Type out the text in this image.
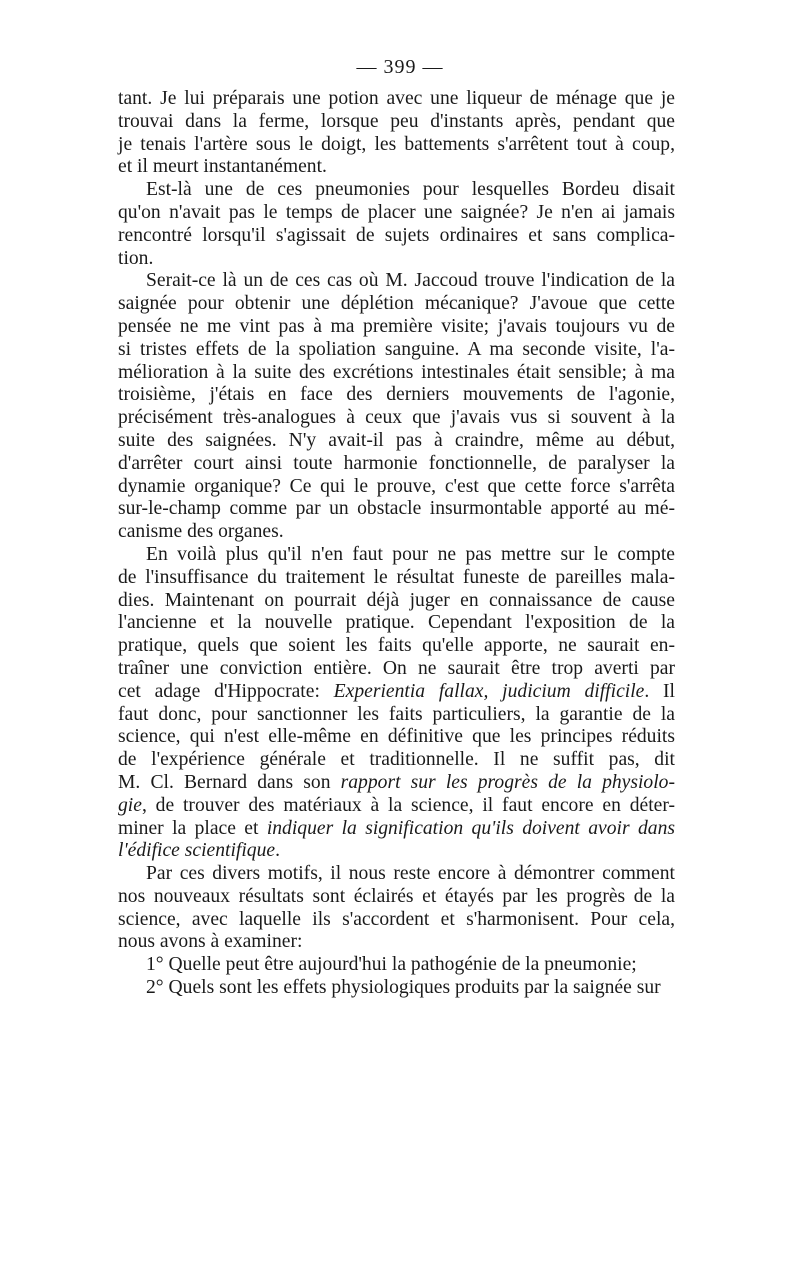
— 399 —
tant. Je lui préparais une potion avec une liqueur de ménage que je
trouvai dans la ferme, lorsque peu d'instants après, pendant que
je tenais l'artère sous le doigt, les battements s'arrêtent tout à coup,
et il meurt instantanément.
Est-là une de ces pneumonies pour lesquelles Bordeu disait
qu'on n'avait pas le temps de placer une saignée? Je n'en ai jamais
rencontré lorsqu'il s'agissait de sujets ordinaires et sans complica-
tion.
Serait-ce là un de ces cas où M. Jaccoud trouve l'indication de la
saignée pour obtenir une déplétion mécanique? J'avoue que cette
pensée ne me vint pas à ma première visite; j'avais toujours vu de
si tristes effets de la spoliation sanguine. A ma seconde visite, l'a-
mélioration à la suite des excrétions intestinales était sensible; à ma
troisième, j'étais en face des derniers mouvements de l'agonie,
précisément très-analogues à ceux que j'avais vus si souvent à la
suite des saignées. N'y avait-il pas à craindre, même au début,
d'arrêter court ainsi toute harmonie fonctionnelle, de paralyser la
dynamie organique? Ce qui le prouve, c'est que cette force s'arrêta
sur-le-champ comme par un obstacle insurmontable apporté au mé-
canisme des organes.
En voilà plus qu'il n'en faut pour ne pas mettre sur le compte
de l'insuffisance du traitement le résultat funeste de pareilles mala-
dies. Maintenant on pourrait déjà juger en connaissance de cause
l'ancienne et la nouvelle pratique. Cependant l'exposition de la
pratique, quels que soient les faits qu'elle apporte, ne saurait en-
traîner une conviction entière. On ne saurait être trop averti par
cet adage d'Hippocrate: Experientia fallax, judicium difficile. Il
faut donc, pour sanctionner les faits particuliers, la garantie de la
science, qui n'est elle-même en définitive que les principes réduits
de l'expérience générale et traditionnelle. Il ne suffit pas, dit
M. Cl. Bernard dans son rapport sur les progrès de la physiolo-
gie, de trouver des matériaux à la science, il faut encore en déter-
miner la place et indiquer la signification qu'ils doivent avoir dans
l'édifice scientifique.
Par ces divers motifs, il nous reste encore à démontrer comment
nos nouveaux résultats sont éclairés et étayés par les progrès de la
science, avec laquelle ils s'accordent et s'harmonisent. Pour cela,
nous avons à examiner:
1° Quelle peut être aujourd'hui la pathogénie de la pneumonie;
2° Quels sont les effets physiologiques produits par la saignée sur
